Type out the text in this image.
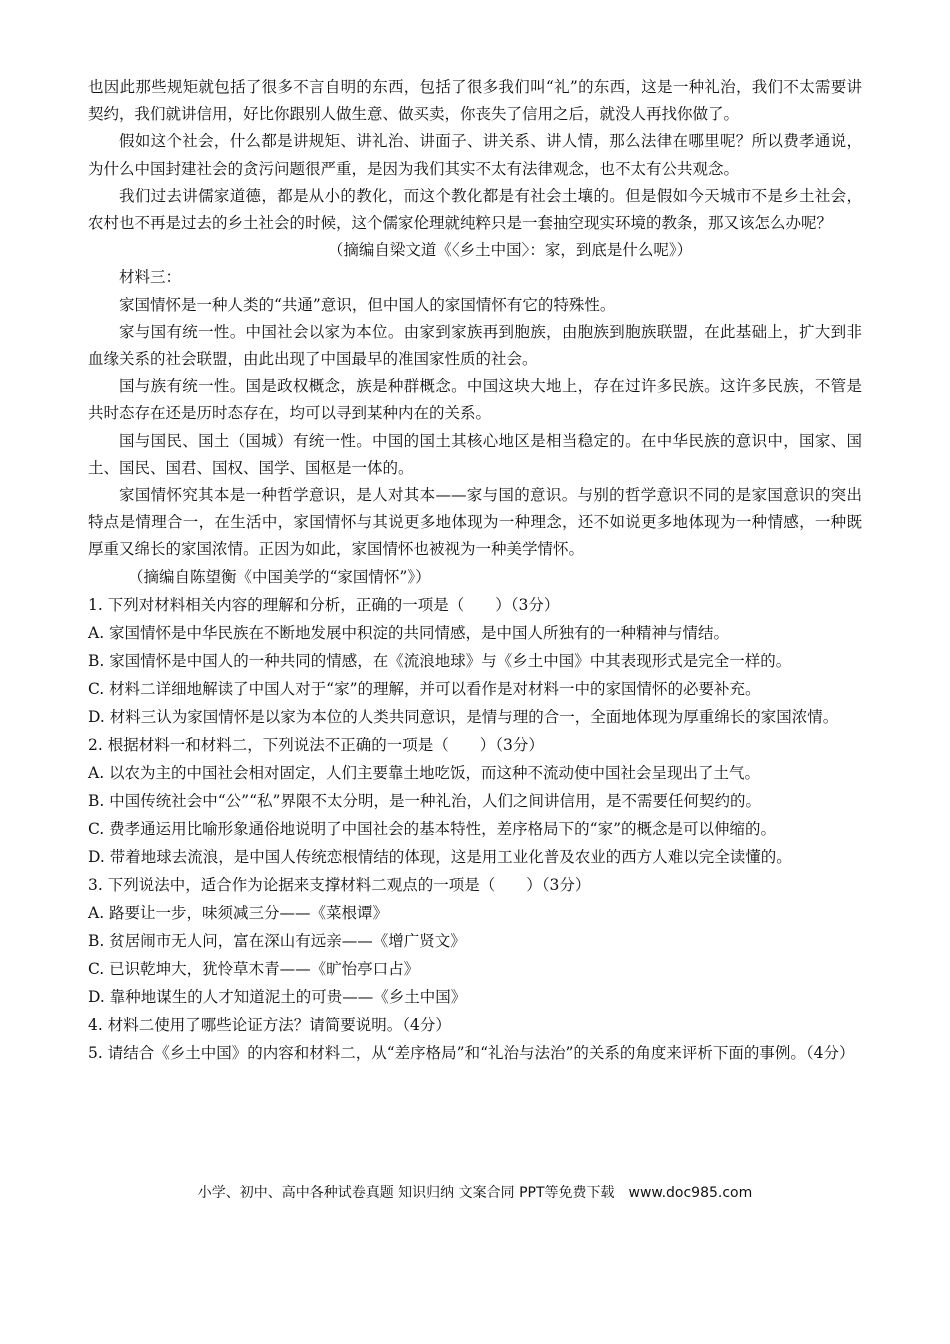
也因此那些规矩就包括了很多不言自明的东西，包括了很多我们叫“礼”的东西，这是一种礼治，我们不太需要讲契约，我们就讲信用，好比你跟别人做生意、做买卖，你丧失了信用之后，就没人再找你做了。

假如这个社会，什么都是讲规矩、讲礼治、讲面子、讲关系、讲人情，那么法律在哪里呢？所以费孝通说，为什么中国封建社会的贪污问题很严重，是因为我们其实不太有法律观念，也不太有公共观念。

我们过去讲儒家道德，都是从小的教化，而这个教化都是有社会土壤的。但是假如今天城市不是乡土社会，农村也不再是过去的乡土社会的时候，这个儒家伦理就纯粹只是一套抽空现实环境的教条，那又该怎么办呢？

（摘编自梁文道《〈乡土中国〉：家，到底是什么呢》）

材料三：

家国情怀是一种人类的“共通”意识，但中国人的家国情怀有它的特殊性。

家与国有统一性。中国社会以家为本位。由家到家族再到胞族，由胞族到胞族联盟，在此基础上，扩大到非血缘关系的社会联盟，由此出现了中国最早的准国家性质的社会。

国与族有统一性。国是政权概念，族是种群概念。中国这块大地上，存在过许多民族。这许多民族，不管是共时态存在还是历时态存在，均可以寻到某种内在的关系。

国与国民、国土（国城）有统一性。中国的国土其核心地区是相当稳定的。在中华民族的意识中，国家、国土、国民、国君、国权、国学、国枢是一体的。

家国情怀究其本是一种哲学意识，是人对其本——家与国的意识。与别的哲学意识不同的是家国意识的突出特点是情理合一，在生活中，家国情怀与其说更多地体现为一种理念，还不如说更多地体现为一种情感，一种既厚重又绵长的家国浓情。正因为如此，家国情怀也被视为一种美学情怀。

（摘编自陈望衡《中国美学的“家国情怀”》）

1. 下列对材料相关内容的理解和分析，正确的一项是（　　）（3分）

A. 家国情怀是中华民族在不断地发展中积淀的共同情感，是中国人所独有的一种精神与情结。

B. 家国情怀是中国人的一种共同的情感，在《流浪地球》与《乡土中国》中其表现形式是完全一样的。

C. 材料二详细地解读了中国人对于“家”的理解，并可以看作是对材料一中的家国情怀的必要补充。

D. 材料三认为家国情怀是以家为本位的人类共同意识，是情与理的合一，全面地体现为厚重绵长的家国浓情。

2. 根据材料一和材料二，下列说法不正确的一项是（　　）（3分）

A. 以农为主的中国社会相对固定，人们主要靠土地吃饭，而这种不流动使中国社会呈现出了土气。

B. 中国传统社会中“公”“私”界限不太分明，是一种礼治，人们之间讲信用，是不需要任何契约的。

C. 费孝通运用比喻形象通俗地说明了中国社会的基本特性，差序格局下的“家”的概念是可以伸缩的。

D. 带着地球去流浪，是中国人传统恋根情结的体现，这是用工业化普及农业的西方人难以完全读懂的。

3. 下列说法中，适合作为论据来支撑材料二观点的一项是（　　）（3分）

A. 路要让一步，味须减三分——《菜根谭》

B. 贫居闹市无人问，富在深山有远亲——《增广贤文》

C. 已识乾坤大，犹怜草木青——《旷怡亭口占》

D. 靠种地谋生的人才知道泥土的可贵——《乡土中国》

4. 材料二使用了哪些论证方法？请简要说明。（4分）

5. 请结合《乡土中国》的内容和材料二，从“差序格局”和“礼治与法治”的关系的角度来评析下面的事例。（4分）

小学、初中、高中各种试卷真题 知识归纳 文案合同 PPT等免费下载　www.doc985.com
